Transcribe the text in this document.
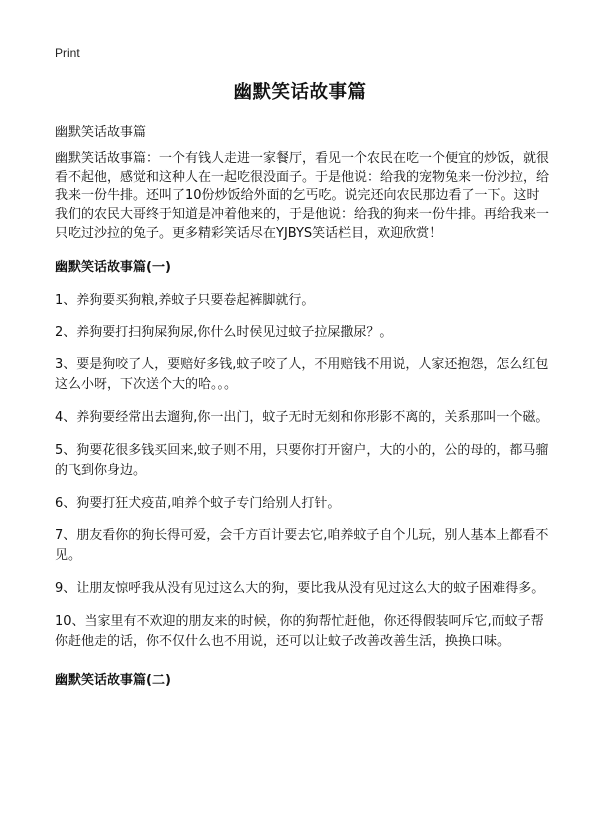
Print
幽默笑话故事篇

幽默笑话故事篇

幽默笑话故事篇：一个有钱人走进一家餐厅，看见一个农民在吃一个便宜的炒饭，就很看不起他，感觉和这种人在一起吃很没面子。于是他说：给我的宠物兔来一份沙拉，给我来一份牛排。还叫了10份炒饭给外面的乞丐吃。说完还向农民那边看了一下。这时我们的农民大哥终于知道是冲着他来的，于是他说：给我的狗来一份牛排。再给我来一只吃过沙拉的兔子。更多精彩笑话尽在YJBYS笑话栏目，欢迎欣赏！

幽默笑话故事篇(一)

1、养狗要买狗粮,养蚊子只要卷起裤脚就行。

2、养狗要打扫狗屎狗尿,你什么时侯见过蚊子拉屎撒尿？。

3、要是狗咬了人，要赔好多钱,蚊子咬了人，不用赔钱不用说，人家还抱怨，怎么红包这么小呀，下次送个大的哈。。。

4、养狗要经常出去遛狗,你一出门，蚊子无时无刻和你形影不离的，关系那叫一个磁。

5、狗要花很多钱买回来,蚊子则不用，只要你打开窗户，大的小的，公的母的，都马骝的飞到你身边。

6、狗要打狂犬疫苗,咱养个蚊子专门给别人打针。

7、朋友看你的狗长得可爱，会千方百计要去它,咱养蚊子自个儿玩，别人基本上都看不见。

9、让朋友惊呼我从没有见过这么大的狗，要比我从没有见过这么大的蚊子困难得多。

10、当家里有不欢迎的朋友来的时候，你的狗帮忙赶他，你还得假装呵斥它,而蚊子帮你赶他走的话，你不仅什么也不用说，还可以让蚊子改善改善生活，换换口味。

幽默笑话故事篇(二)
